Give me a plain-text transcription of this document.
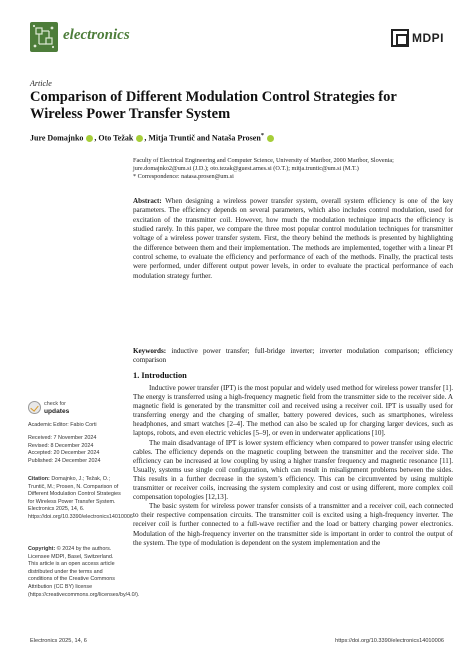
electronics	MDPI
Article
Comparison of Different Modulation Control Strategies for Wireless Power Transfer System
Jure Domajnko , Oto Težak , Mitja Truntič and Nataša Prosen*
Faculty of Electrical Engineering and Computer Science, University of Maribor, 2000 Maribor, Slovenia;
jure.domajnko2@um.si (J.D.); oto.tezak@guest.arnes.si (O.T.); mitja.truntic@um.si (M.T.)
* Correspondence: natasa.prosen@um.si
Abstract: When designing a wireless power transfer system, overall system efficiency is one of the key parameters. The efficiency depends on several parameters, which also includes control modulation, used for excitation of the transmitter coil. However, how much the modulation technique impacts the efficiency is studied rarely. In this paper, we compare the three most popular control modulation techniques for transmitter voltage of a wireless power transfer system. First, the theory behind the methods is presented by highlighting the difference between them and their implementation. The methods are implemented, together with a linear PI control scheme, to evaluate the efficiency and performance of each of the methods. Finally, the practical tests were performed, under different output power levels, in order to evaluate the practical performance of each modulation strategy further.
Keywords: inductive power transfer; full-bridge inverter; inverter modulation comparison; efficiency comparison
check for
updates
Academic Editor: Fabio Corti
Received: 7 November 2024
Revised: 8 December 2024
Accepted: 20 December 2024
Published: 24 December 2024
Citation: Domajnko, J.; Težak, O.; Truntič, M.; Prosen, N. Comparison of Different Modulation Control Strategies for Wireless Power Transfer System. Electronics 2025, 14, 6. https://doi.org/10.3390/electronics14010006
Copyright: © 2024 by the authors. Licensee MDPI, Basel, Switzerland. This article is an open access article distributed under the terms and conditions of the Creative Commons Attribution (CC BY) license (https://creativecommons.org/licenses/by/4.0/).
1. Introduction

Inductive power transfer (IPT) is the most popular and widely used method for wireless power transfer [1]. The energy is transferred using a high-frequency magnetic field from the transmitter side to the receiver side. A magnetic field is generated by the transmitter coil and received using a receiver coil. IPT is usually used for transferring energy and the charging of smaller, battery powered devices, such as smartphones, wireless headphones, and smart watches [2–4]. The method can also be scaled up for charging larger devices, such as laptops, robots, and even electric vehicles [5–9], or even in underwater applications [10].

The main disadvantage of IPT is lower system efficiency when compared to power transfer using electric cables. The efficiency depends on the magnetic coupling between the transmitter and the receiver side. The efficiency can be increased at low coupling by using a higher transfer frequency and magnetic resonance [11]. Usually, systems use single coil configuration, which can result in misalignment problems between the sides. This results in a further decrease in the system’s efficiency. This can be circumvented by using multiple transmitter or receiver coils, increasing the system complexity and cost or using different, more complex coil compensation topologies [12,13].

The basic system for wireless power transfer consists of a transmitter and a receiver coil, each connected to their respective compensation circuits. The transmitter coil is excited using a high-frequency inverter. The receiver coil is further connected to a full-wave rectifier and the load or battery charging power electronics. Modulation of the high-frequency inverter on the transmitter side is important in order to control the output of the system. The type of modulation is dependent on the system implementation and the

Electronics 2025, 14, 6	https://doi.org/10.3390/electronics14010006
